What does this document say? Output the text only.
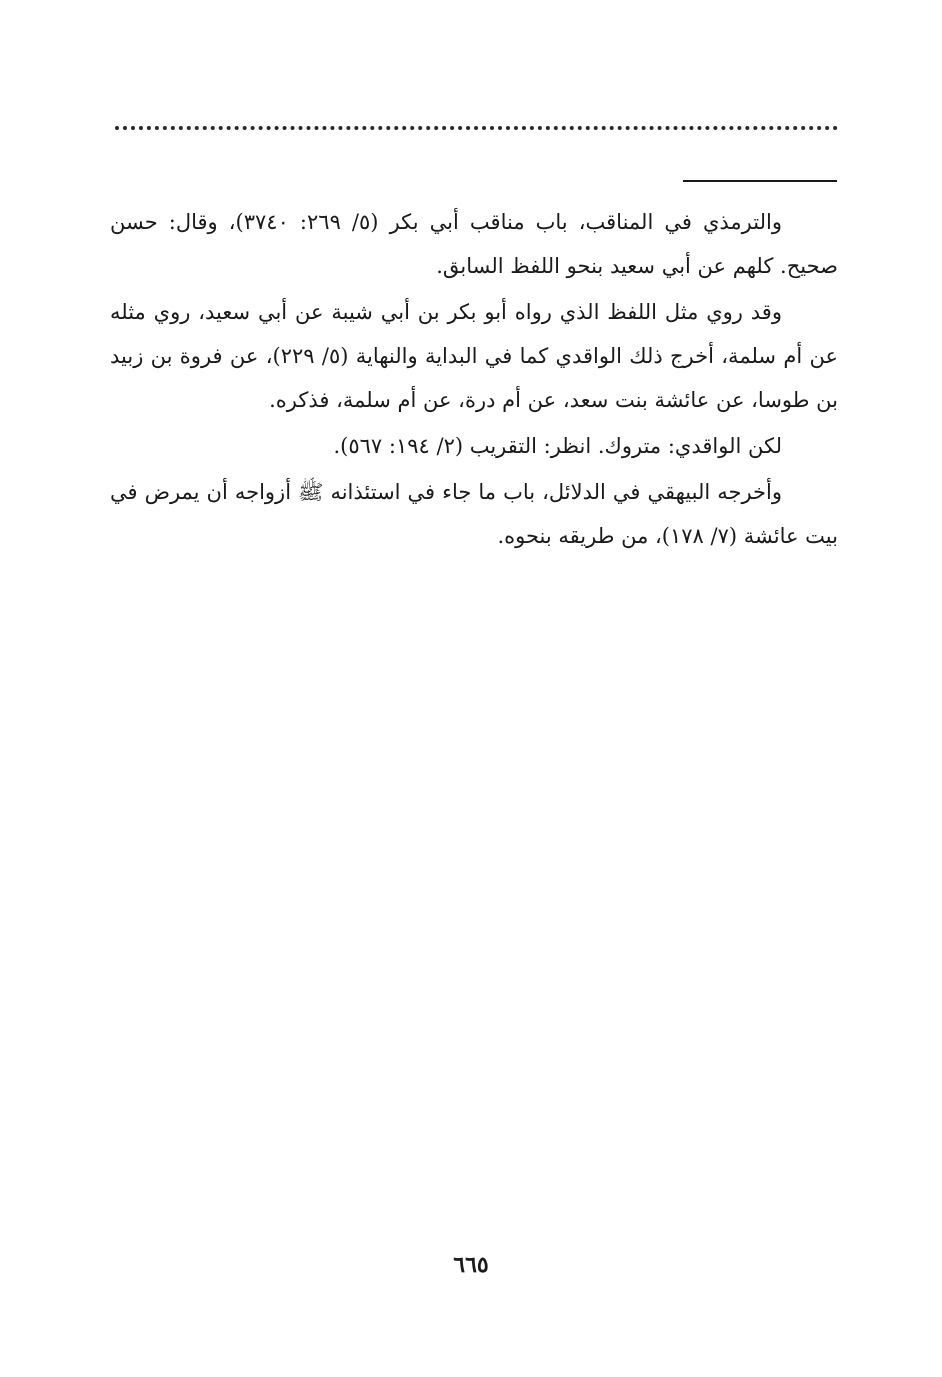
والترمذي في المناقب، باب مناقب أبي بكر (٥/ ٢٦٩: ٣٧٤٠)، وقال: حسن صحيح. كلهم عن أبي سعيد بنحو اللفظ السابق.

وقد روي مثل اللفظ الذي رواه أبو بكر بن أبي شيبة عن أبي سعيد، روي مثله عن أم سلمة، أخرج ذلك الواقدي كما في البداية والنهاية (٥/ ٢٢٩)، عن فروة بن زبيد بن طوسا، عن عائشة بنت سعد، عن أم درة، عن أم سلمة، فذكره.

لكن الواقدي: متروك. انظر: التقريب (٢/ ١٩٤: ٥٦٧).

وأخرجه البيهقي في الدلائل، باب ما جاء في استئذانه ﷺ أزواجه أن يمرض في بيت عائشة (٧/ ١٧٨)، من طريقه بنحوه.

٦٦٥
